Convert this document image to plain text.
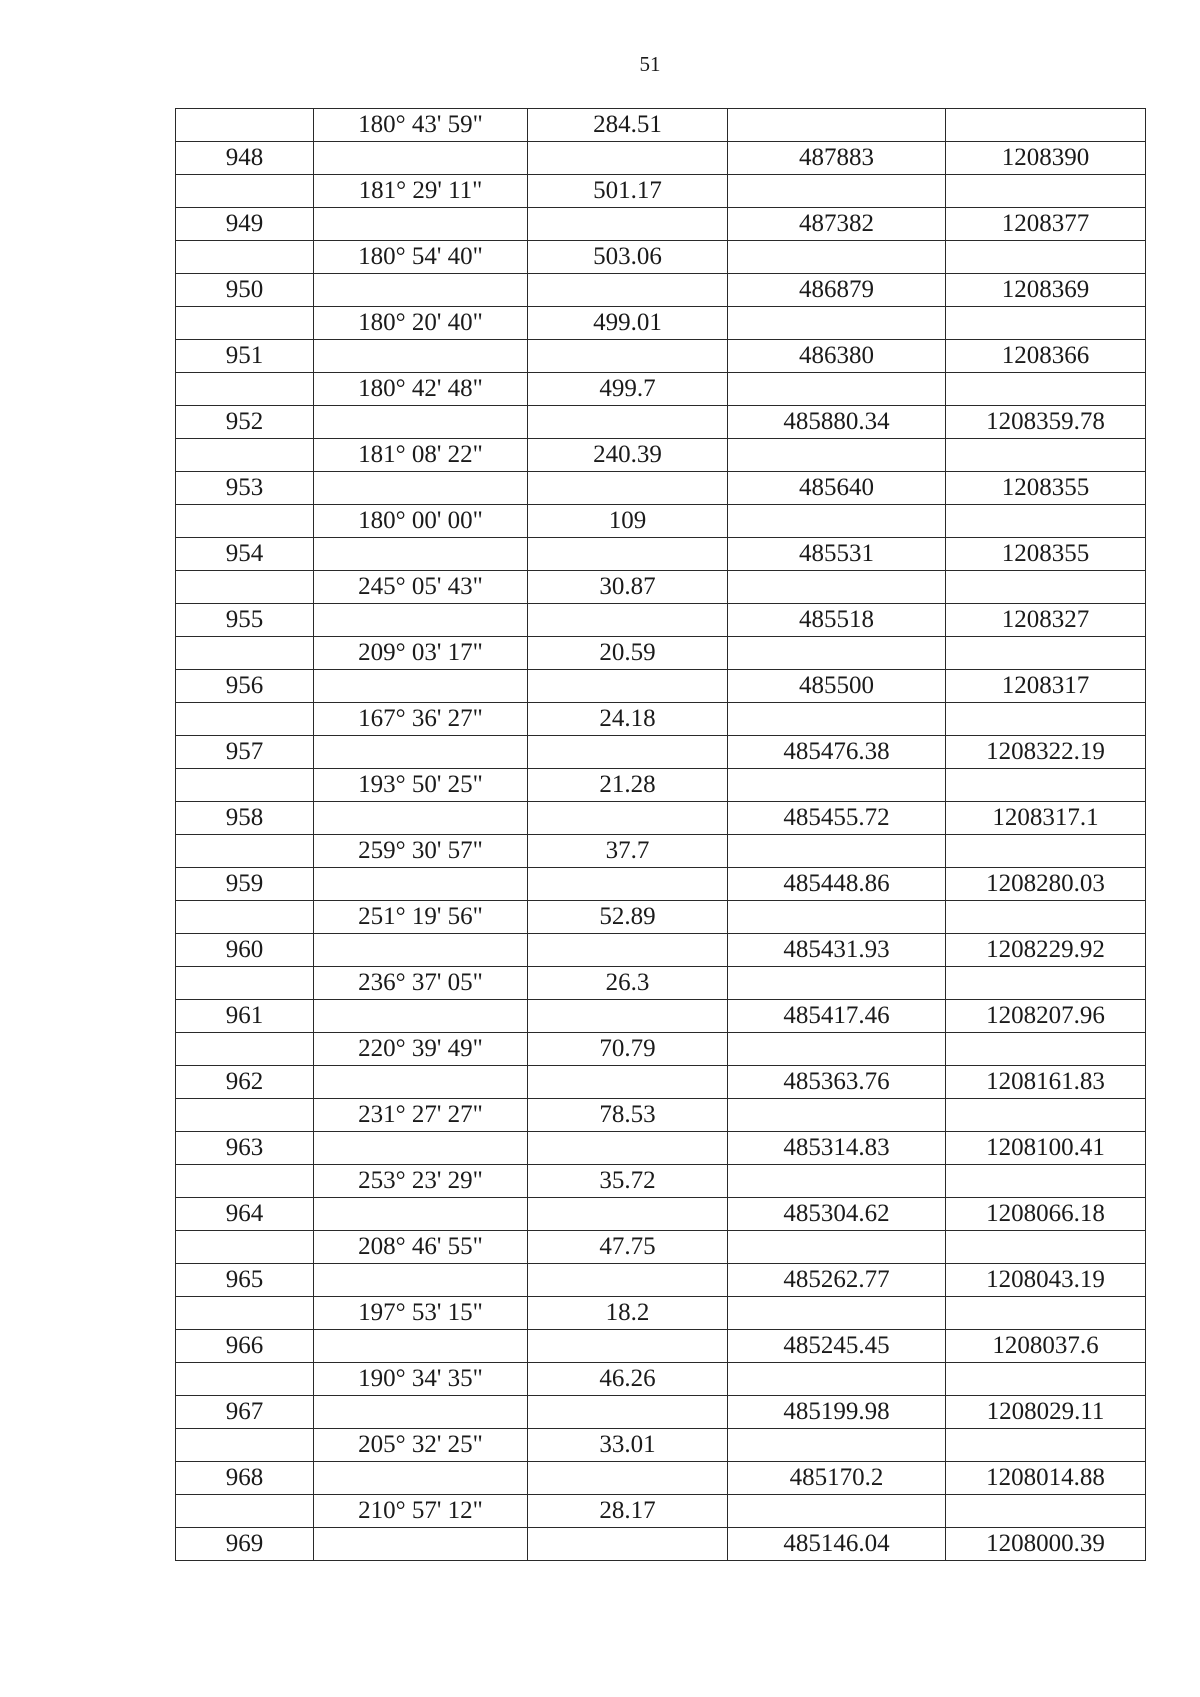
51
	180° 43' 59"	284.51		
948			487883	1208390
	181° 29' 11"	501.17		
949			487382	1208377
	180° 54' 40"	503.06		
950			486879	1208369
	180° 20' 40"	499.01		
951			486380	1208366
	180° 42' 48"	499.7		
952			485880.34	1208359.78
	181° 08' 22"	240.39		
953			485640	1208355
	180° 00' 00"	109		
954			485531	1208355
	245° 05' 43"	30.87		
955			485518	1208327
	209° 03' 17"	20.59		
956			485500	1208317
	167° 36' 27"	24.18		
957			485476.38	1208322.19
	193° 50' 25"	21.28		
958			485455.72	1208317.1
	259° 30' 57"	37.7		
959			485448.86	1208280.03
	251° 19' 56"	52.89		
960			485431.93	1208229.92
	236° 37' 05"	26.3		
961			485417.46	1208207.96
	220° 39' 49"	70.79		
962			485363.76	1208161.83
	231° 27' 27"	78.53		
963			485314.83	1208100.41
	253° 23' 29"	35.72		
964			485304.62	1208066.18
	208° 46' 55"	47.75		
965			485262.77	1208043.19
	197° 53' 15"	18.2		
966			485245.45	1208037.6
	190° 34' 35"	46.26		
967			485199.98	1208029.11
	205° 32' 25"	33.01		
968			485170.2	1208014.88
	210° 57' 12"	28.17		
969			485146.04	1208000.39
